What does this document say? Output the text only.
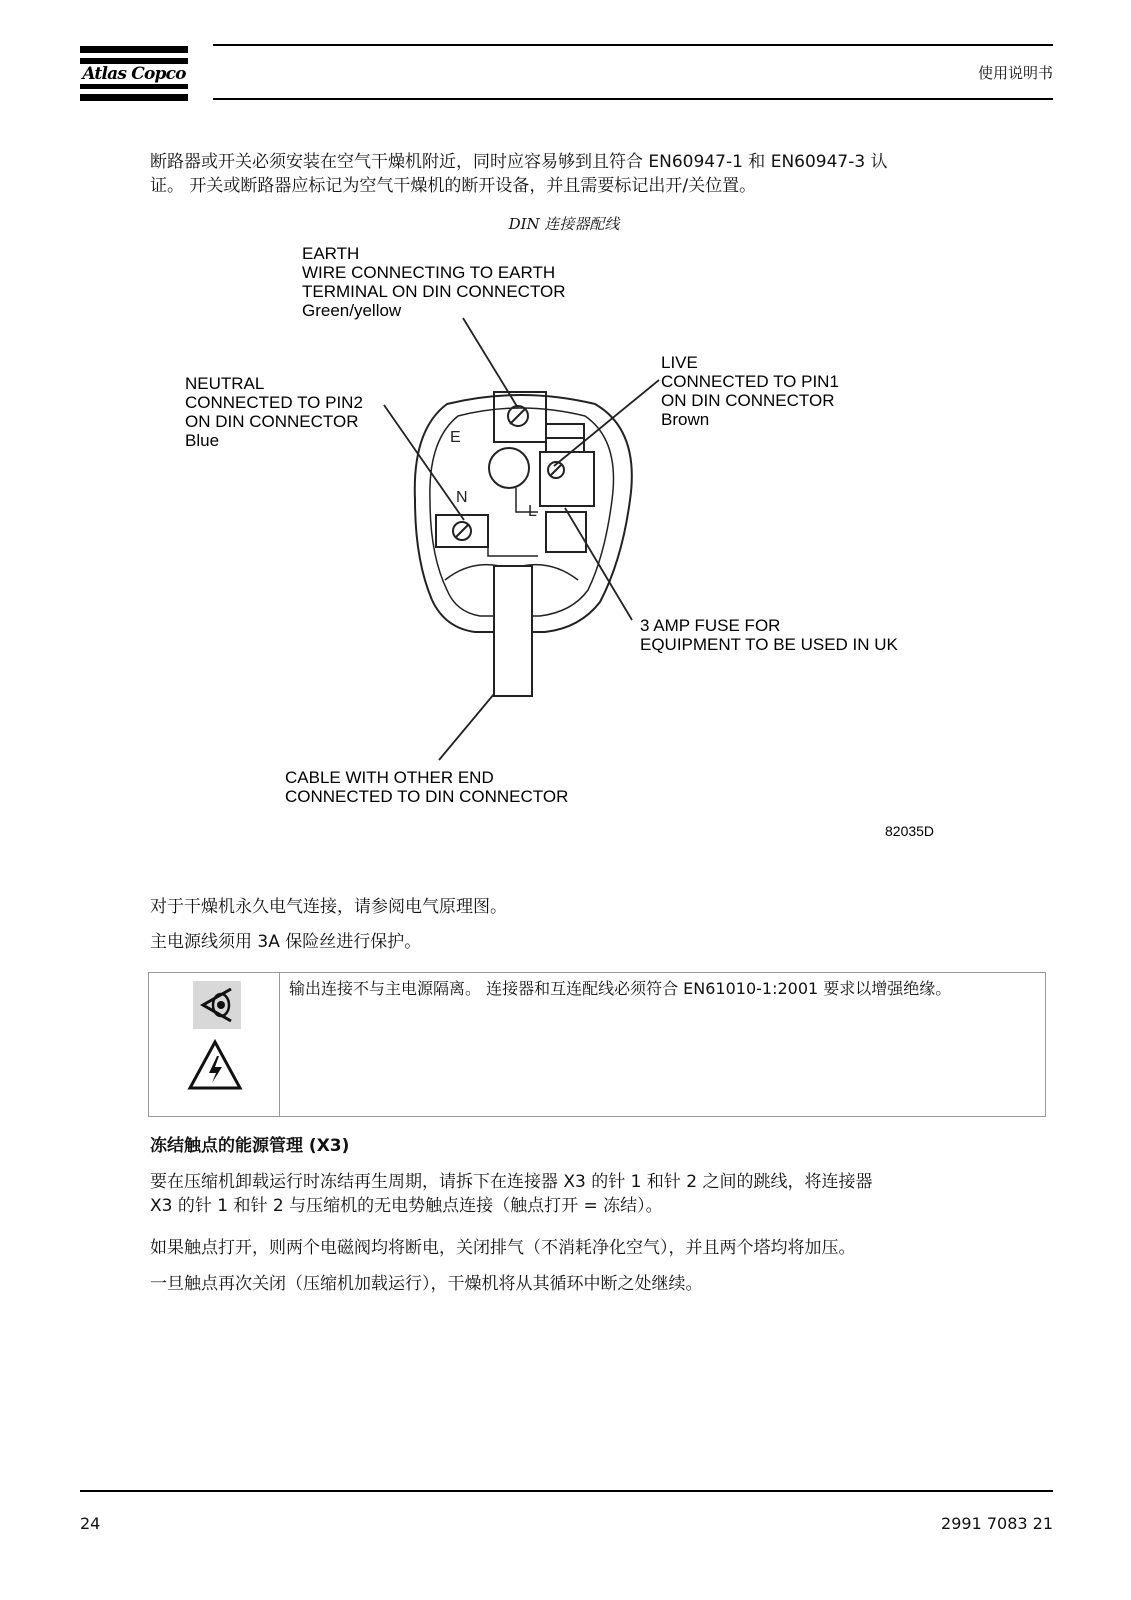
Atlas Copco	使用说明书
断路器或开关必须安装在空气干燥机附近，同时应容易够到且符合 EN60947-1 和 EN60947-3 认
证。 开关或断路器应标记为空气干燥机的断开设备，并且需要标记出开/关位置。
DIN 连接器配线
E
N
L
EARTH
WIRE CONNECTING TO EARTH
TERMINAL ON DIN CONNECTOR
Green/yellow
NEUTRAL
CONNECTED TO PIN2
ON DIN CONNECTOR
Blue
LIVE
CONNECTED TO PIN1
ON DIN CONNECTOR
Brown
3 AMP FUSE FOR
EQUIPMENT TO BE USED IN UK
CABLE WITH OTHER END
CONNECTED TO DIN CONNECTOR
82035D
对于干燥机永久电气连接，请参阅电气原理图。
主电源线须用 3A 保险丝进行保护。
输出连接不与主电源隔离。 连接器和互连配线必须符合 EN61010-1:2001 要求以增强绝缘。
冻结触点的能源管理 (X3)
要在压缩机卸载运行时冻结再生周期，请拆下在连接器 X3 的针 1 和针 2 之间的跳线，将连接器
X3 的针 1 和针 2 与压缩机的无电势触点连接（触点打开 = 冻结）。
如果触点打开，则两个电磁阀均将断电，关闭排气（不消耗净化空气），并且两个塔均将加压。
一旦触点再次关闭（压缩机加载运行），干燥机将从其循环中断之处继续。
24	2991 7083 21
